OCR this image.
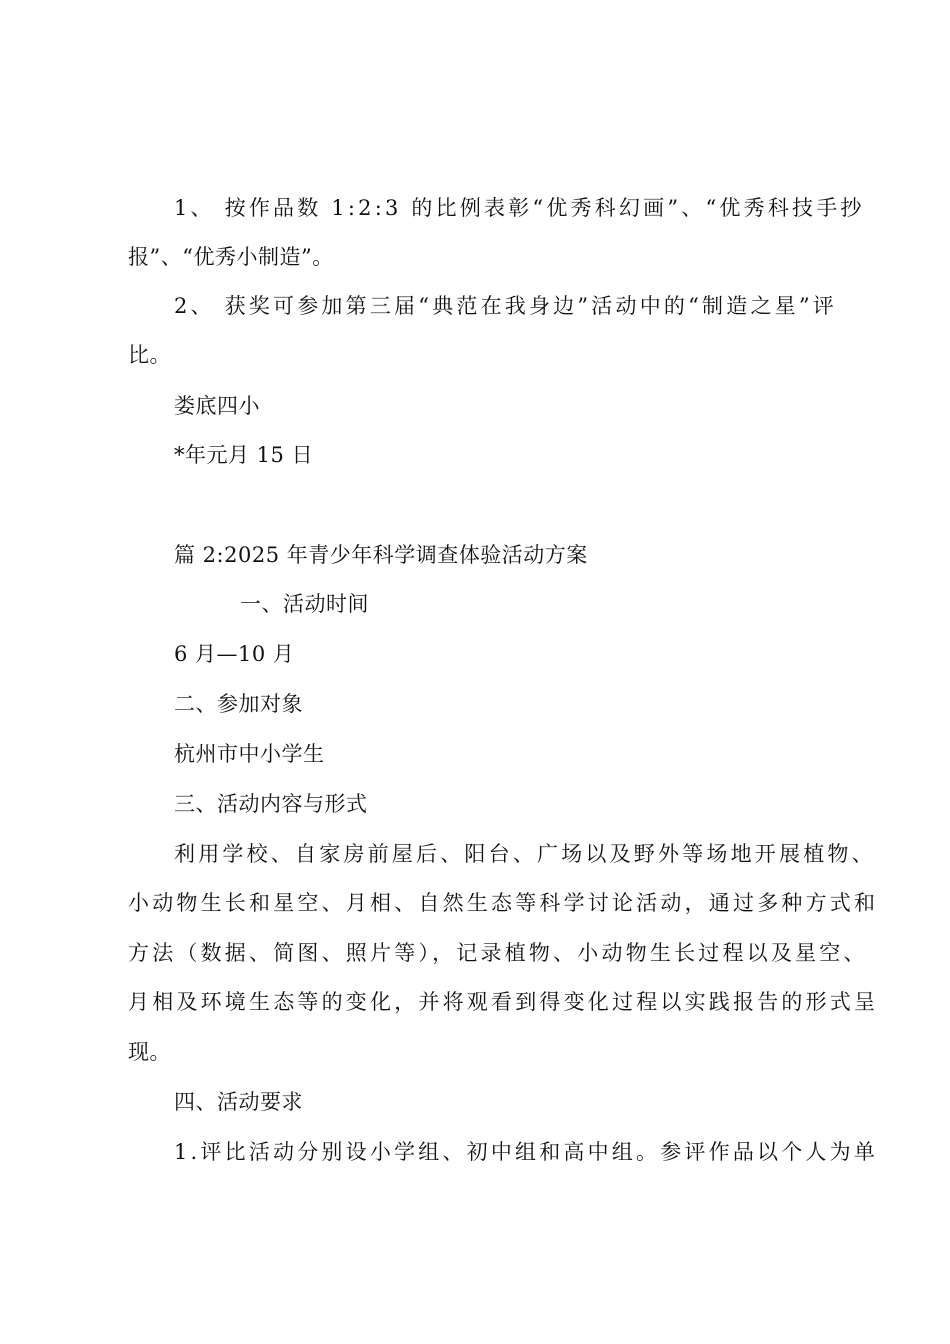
1、 按作品数 1:2:3 的比例表彰“优秀科幻画”、“优秀科技手抄
报”、“优秀小制造”。
2、 获奖可参加第三届“典范在我身边”活动中的“制造之星”评
比。
娄底四小
*年元月 15 日
篇 2:2025 年青少年科学调查体验活动方案
一、活动时间
6 月—10 月
二、参加对象
杭州市中小学生
三、活动内容与形式
利用学校、自家房前屋后、阳台、广场以及野外等场地开展植物、
小动物生长和星空、月相、自然生态等科学讨论活动，通过多种方式和
方法（数据、简图、照片等），记录植物、小动物生长过程以及星空、
月相及环境生态等的变化，并将观看到得变化过程以实践报告的形式呈
现。
四、活动要求
1.评比活动分别设小学组、初中组和高中组。参评作品以个人为单
